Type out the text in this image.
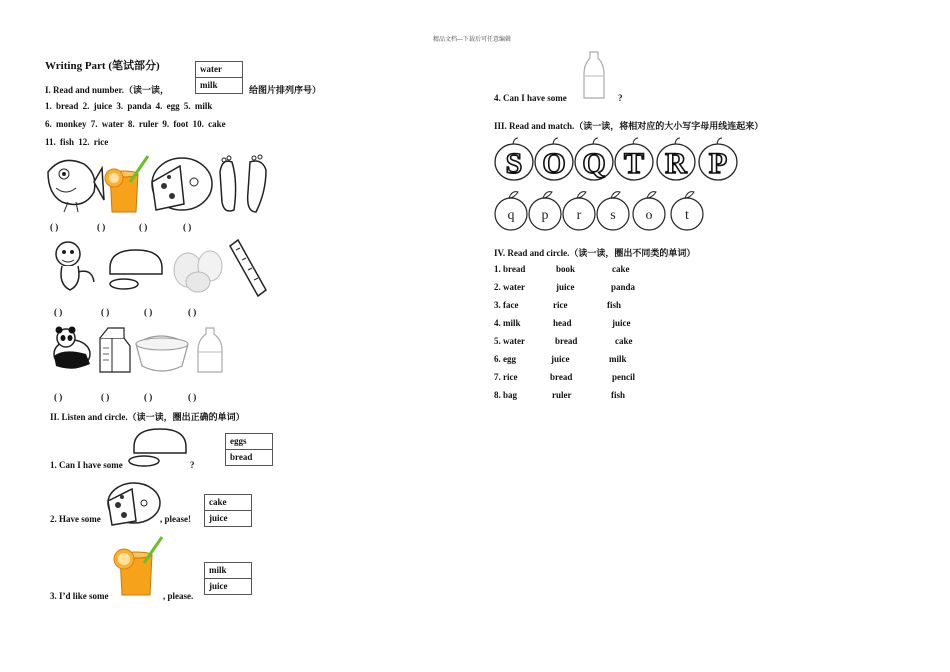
精品文档---下载后可任意编辑
Writing Part (笔试部分)	water
milk
I. Read and number.（读一读，	给图片排列序号）
1. bread 2. juice 3. panda 4. egg 5. milk
6. monkey 7. water 8. ruler 9. foot 10. cake
11. fish 12. rice
( )	( )	( )	( )
( )	( )	( )	( )
( )	( )	( )	( )
II. Listen and circle.（读一读，圈出正确的单词）
1. Can I have some	?
eggs
bread
2. Have some	, please!
cake
juice
3. I’d like some	, please.
milk
juice
4. Can I have some	?
III. Read and match.（读一读，将相对应的大小写字母用线连起来）
S O Q T R P
q p r s o t
IV. Read and circle.（读一读，圈出不同类的单词）
1. bread	book	cake
2. water	juice	panda
3. face	rice	fish
4. milk	head	juice
5. water	bread	cake
6. egg	juice	milk
7. rice	bread	pencil
8. bag	ruler	fish
